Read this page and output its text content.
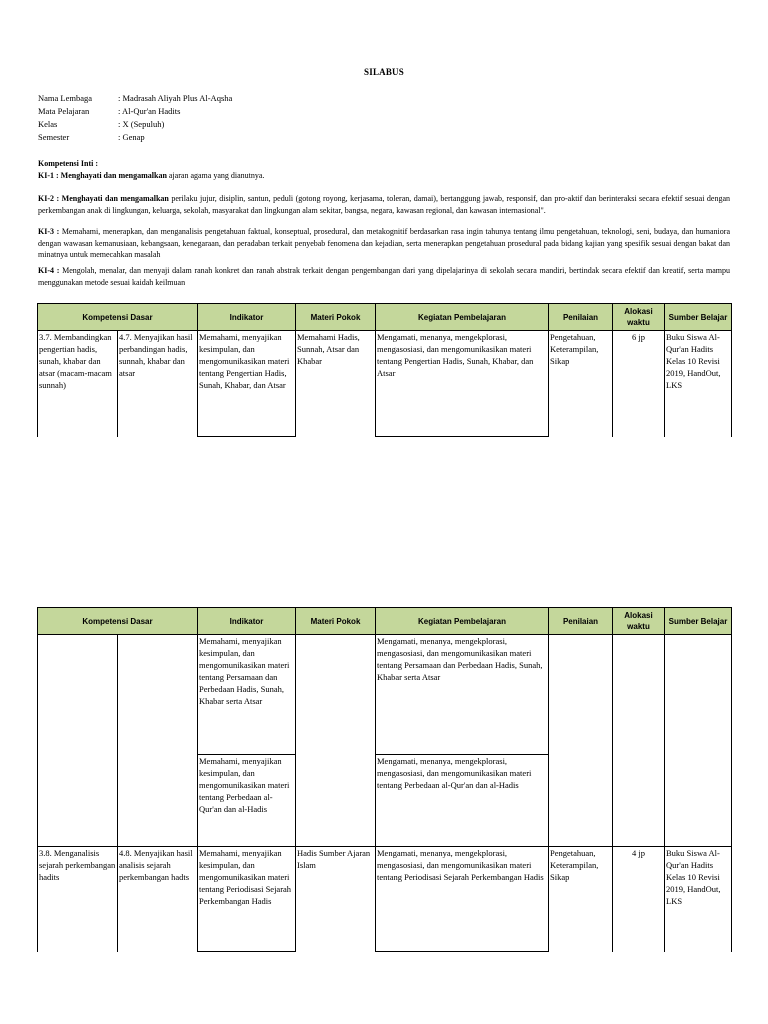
SILABUS
Nama Lembaga	: Madrasah Aliyah Plus Al-Aqsha
Mata Pelajaran	: Al-Qur'an Hadits
Kelas	: X (Sepuluh)
Semester	: Genap
Kompetensi Inti :
KI-1 : Menghayati dan mengamalkan ajaran agama yang dianutnya.
KI-2 : Menghayati dan mengamalkan perilaku jujur, disiplin, santun, peduli (gotong royong, kerjasama, toleran, damai), bertanggung jawab, responsif, dan pro-aktif dan berinteraksi secara efektif sesuai dengan perkembangan anak di lingkungan, keluarga, sekolah, masyarakat dan lingkungan alam sekitar, bangsa, negara, kawasan regional, dan kawasan internasional".
KI-3 : Memahami, menerapkan, dan menganalisis pengetahuan faktual, konseptual, prosedural, dan metakognitif berdasarkan rasa ingin tahunya tentang ilmu pengetahuan, teknologi, seni, budaya, dan humaniora dengan wawasan kemanusiaan, kebangsaan, kenegaraan, dan peradaban terkait penyebab fenomena dan kejadian, serta menerapkan pengetahuan prosedural pada bidang kajian yang spesifik sesuai dengan bakat dan minatnya untuk memecahkan masalah
KI-4 : Mengolah, menalar, dan menyaji dalam ranah konkret dan ranah abstrak terkait dengan pengembangan dari yang dipelajarinya di sekolah secara mandiri, bertindak secara efektif dan kreatif, serta mampu menggunakan metode sesuai kaidah keilmuan
Kompetensi Dasar		Indikator	Materi Pokok	Kegiatan Pembelajaran	Penilaian	Alokasi waktu	Sumber Belajar
3.7. Membandingkan pengertian hadis, sunah, khabar dan atsar (macam-macam sunnah)	4.7. Menyajikan hasil perbandingan hadis, sunnah, khabar dan atsar	Memahami, menyajikan kesimpulan, dan mengomunikasikan materi tentang Pengertian Hadis, Sunah, Khabar, dan Atsar	Memahami Hadis, Sunnah, Atsar dan Khabar	Mengamati, menanya, mengekplorasi, mengasosiasi, dan mengomunikasikan materi tentang Pengertian Hadis, Sunah, Khabar, dan Atsar	Pengetahuan, Keterampilan, Sikap	6 jp	Buku Siswa Al-Qur'an Hadits Kelas 10 Revisi 2019, HandOut, LKS
Kompetensi Dasar		Indikator	Materi Pokok	Kegiatan Pembelajaran	Penilaian	Alokasi waktu	Sumber Belajar
		Memahami, menyajikan kesimpulan, dan mengomunikasikan materi tentang Persamaan dan Perbedaan Hadis, Sunah, Khabar serta Atsar		Mengamati, menanya, mengekplorasi, mengasosiasi, dan mengomunikasikan materi tentang Persamaan dan Perbedaan Hadis, Sunah, Khabar serta Atsar			
		Memahami, menyajikan kesimpulan, dan mengomunikasikan materi tentang Perbedaan al-Qur'an dan al-Hadis		Mengamati, menanya, mengekplorasi, mengasosiasi, dan mengomunikasikan materi tentang Perbedaan al-Qur'an dan al-Hadis			
3.8. Menganalisis sejarah perkembangan hadits	4.8. Menyajikan hasil analisis sejarah perkembangan hadts	Memahami, menyajikan kesimpulan, dan mengomunikasikan materi tentang Periodisasi Sejarah Perkembangan Hadis	Hadis Sumber Ajaran Islam	Mengamati, menanya, mengekplorasi, mengasosiasi, dan mengomunikasikan materi tentang Periodisasi Sejarah Perkembangan Hadis	Pengetahuan, Keterampilan, Sikap	4 jp	Buku Siswa Al-Qur'an Hadits Kelas 10 Revisi 2019, HandOut, LKS
